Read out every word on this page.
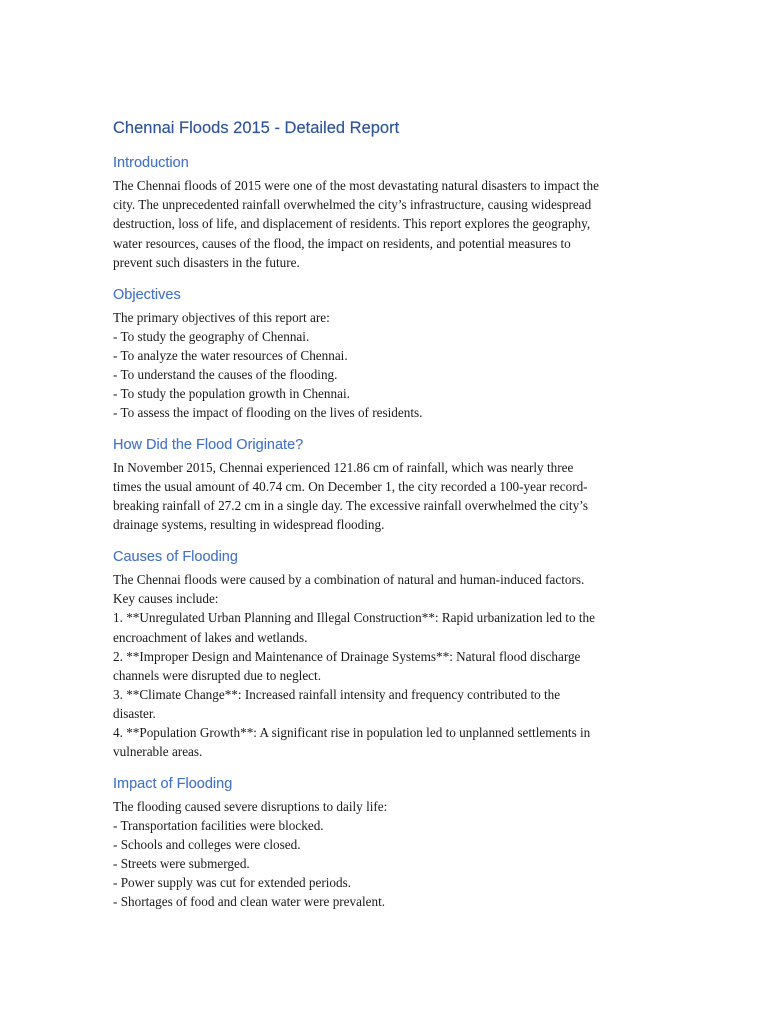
Chennai Floods 2015 - Detailed Report
Introduction
The Chennai floods of 2015 were one of the most devastating natural disasters to impact the
city. The unprecedented rainfall overwhelmed the city’s infrastructure, causing widespread
destruction, loss of life, and displacement of residents. This report explores the geography,
water resources, causes of the flood, the impact on residents, and potential measures to
prevent such disasters in the future.
Objectives
The primary objectives of this report are:
- To study the geography of Chennai.
- To analyze the water resources of Chennai.
- To understand the causes of the flooding.
- To study the population growth in Chennai.
- To assess the impact of flooding on the lives of residents.
How Did the Flood Originate?
In November 2015, Chennai experienced 121.86 cm of rainfall, which was nearly three
times the usual amount of 40.74 cm. On December 1, the city recorded a 100-year record-
breaking rainfall of 27.2 cm in a single day. The excessive rainfall overwhelmed the city’s
drainage systems, resulting in widespread flooding.
Causes of Flooding
The Chennai floods were caused by a combination of natural and human-induced factors.
Key causes include:
1. **Unregulated Urban Planning and Illegal Construction**: Rapid urbanization led to the
encroachment of lakes and wetlands.
2. **Improper Design and Maintenance of Drainage Systems**: Natural flood discharge
channels were disrupted due to neglect.
3. **Climate Change**: Increased rainfall intensity and frequency contributed to the
disaster.
4. **Population Growth**: A significant rise in population led to unplanned settlements in
vulnerable areas.
Impact of Flooding
The flooding caused severe disruptions to daily life:
- Transportation facilities were blocked.
- Schools and colleges were closed.
- Streets were submerged.
- Power supply was cut for extended periods.
- Shortages of food and clean water were prevalent.
